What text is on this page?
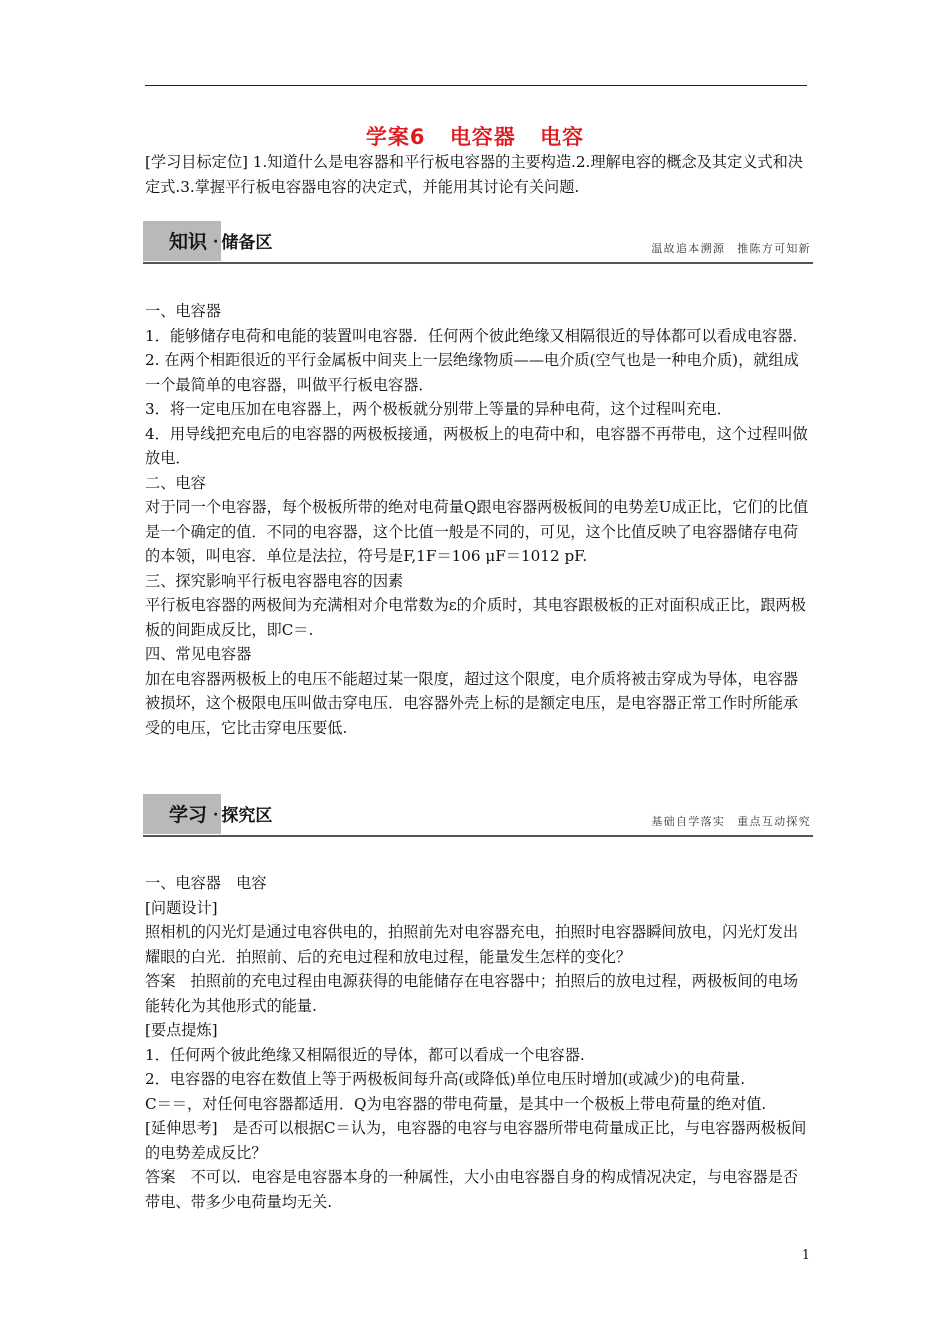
学案6 电容器 电容
[学习目标定位] 1.知道什么是电容器和平行板电容器的主要构造.2.理解电容的概念及其定义式和决定式.3.掌握平行板电容器电容的决定式，并能用其讨论有关问题.
知识 · 储备区	温故追本溯源 推陈方可知新

一、电容器

1．能够储存电荷和电能的装置叫电容器．任何两个彼此绝缘又相隔很近的导体都可以看成电容器．

2. 在两个相距很近的平行金属板中间夹上一层绝缘物质——电介质(空气也是一种电介质)，就组成一个最简单的电容器，叫做平行板电容器．

3．将一定电压加在电容器上，两个极板就分别带上等量的异种电荷，这个过程叫充电．

4．用导线把充电后的电容器的两极板接通，两极板上的电荷中和，电容器不再带电，这个过程叫做放电．

二、电容

对于同一个电容器，每个极板所带的绝对电荷量Q跟电容器两极板间的电势差U成正比，它们的比值是一个确定的值．不同的电容器，这个比值一般是不同的，可见，这个比值反映了电容器储存电荷的本领，叫电容．单位是法拉，符号是F,1F＝106 μF＝1012 pF.

三、探究影响平行板电容器电容的因素

平行板电容器的两极间为充满相对介电常数为ε的介质时，其电容跟极板的正对面积成正比，跟两极板的间距成反比，即C＝.

四、常见电容器

加在电容器两极板上的电压不能超过某一限度，超过这个限度，电介质将被击穿成为导体，电容器被损坏，这个极限电压叫做击穿电压．电容器外壳上标的是额定电压，是电容器正常工作时所能承受的电压，它比击穿电压要低.

学习 · 探究区	基础自学落实 重点互动探究

一、电容器　电容

[问题设计]

照相机的闪光灯是通过电容供电的，拍照前先对电容器充电，拍照时电容器瞬间放电，闪光灯发出耀眼的白光．拍照前、后的充电过程和放电过程，能量发生怎样的变化？

答案　拍照前的充电过程由电源获得的电能储存在电容器中；拍照后的放电过程，两极板间的电场能转化为其他形式的能量.

[要点提炼]

1．任何两个彼此绝缘又相隔很近的导体，都可以看成一个电容器.

2．电容器的电容在数值上等于两极板间每升高(或降低)单位电压时增加(或减少)的电荷量.

C＝＝，对任何电容器都适用．Q为电容器的带电荷量，是其中一个极板上带电荷量的绝对值.

[延伸思考]　是否可以根据C＝认为，电容器的电容与电容器所带电荷量成正比，与电容器两极板间的电势差成反比？

答案　不可以．电容是电容器本身的一种属性，大小由电容器自身的构成情况决定，与电容器是否带电、带多少电荷量均无关.

1
